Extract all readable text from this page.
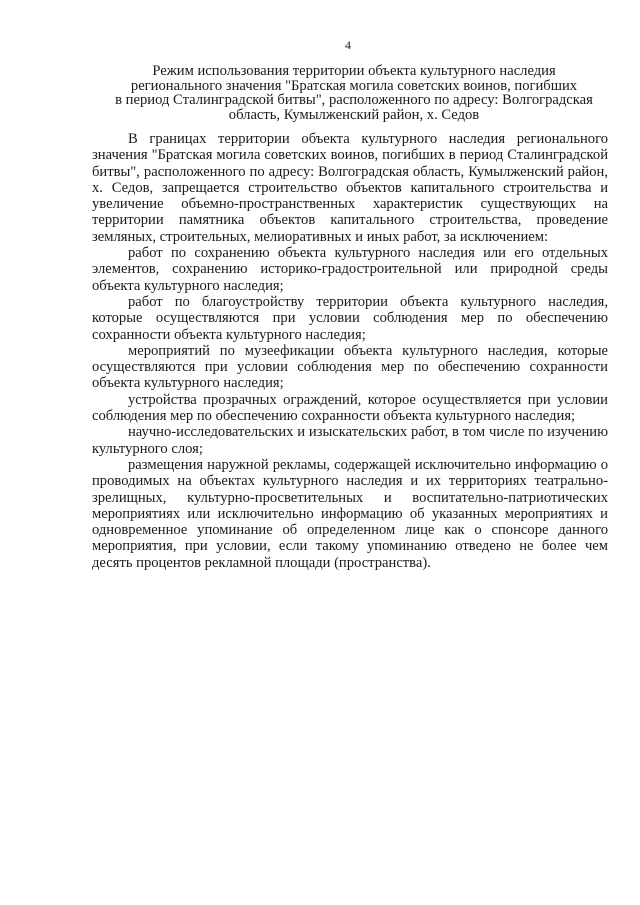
4
Режим использования территории объекта культурного наследия
регионального значения "Братская могила советских воинов, погибших
в период Сталинградской битвы", расположенного по адресу: Волгоградская
область, Кумылженский район, х. Седов

В границах территории объекта культурного наследия регионального значения "Братская могила советских воинов, погибших в период Сталинградской битвы", расположенного по адресу: Волгоградская область, Кумылженский район, х. Седов, запрещается строительство объектов капитального строительства и увеличение объемно-пространственных характеристик существующих на территории памятника объектов капитального строительства, проведение земляных, строительных, мелиоративных и иных работ, за исключением:

работ по сохранению объекта культурного наследия или его отдельных элементов, сохранению историко-градостроительной или природной среды объекта культурного наследия;

работ по благоустройству территории объекта культурного наследия, которые осуществляются при условии соблюдения мер по обеспечению сохранности объекта культурного наследия;

мероприятий по музеефикации объекта культурного наследия, которые осуществляются при условии соблюдения мер по обеспечению сохранности объекта культурного наследия;

устройства прозрачных ограждений, которое осуществляется при условии соблюдения мер по обеспечению сохранности объекта культурного наследия;

научно-исследовательских и изыскательских работ, в том числе по изучению культурного слоя;

размещения наружной рекламы, содержащей исключительно информацию о проводимых на объектах культурного наследия и их территориях театрально-зрелищных, культурно-просветительных и воспитательно-патриотических мероприятиях или исключительно информацию об указанных мероприятиях и одновременное упоминание об определенном лице как о спонсоре данного мероприятия, при условии, если такому упоминанию отведено не более чем десять процентов рекламной площади (пространства).
